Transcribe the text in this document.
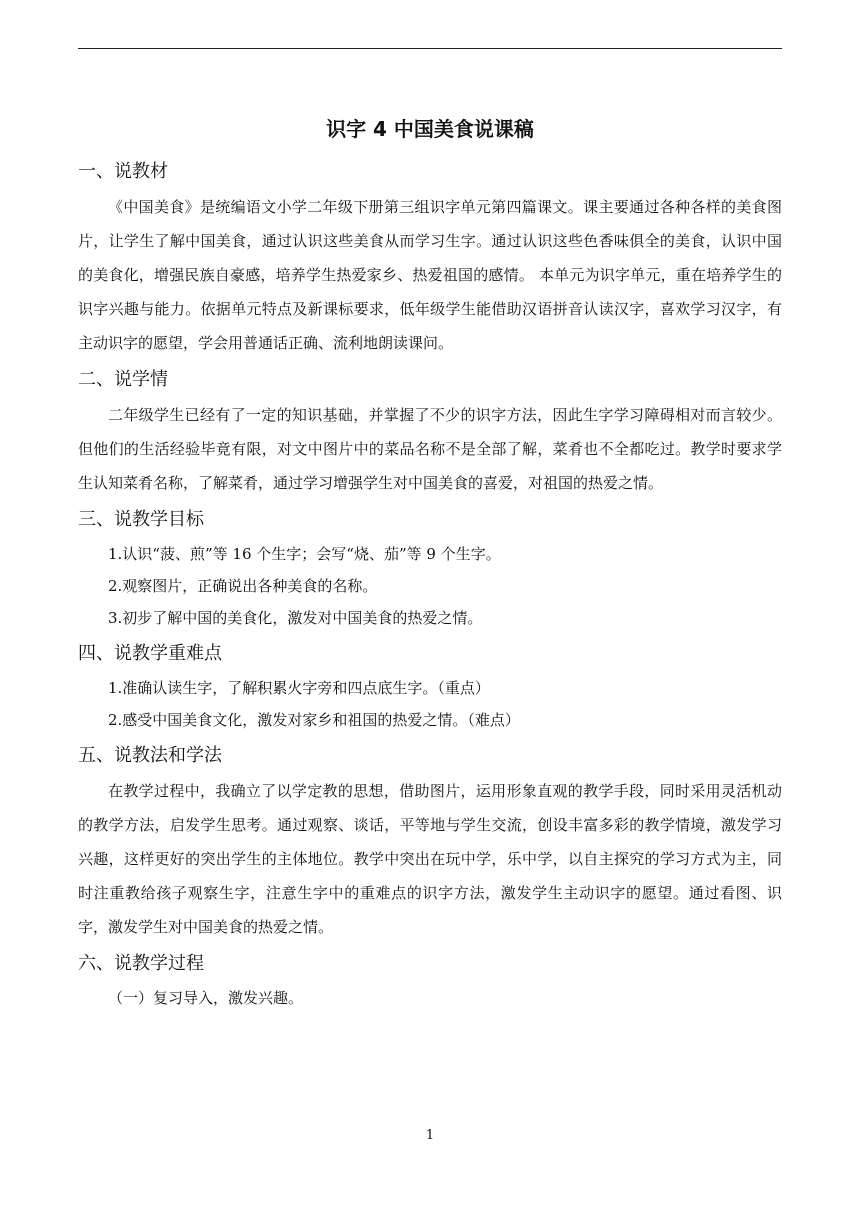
识字 4 中国美食说课稿
一、说教材

《中国美食》是统编语文小学二年级下册第三组识字单元第四篇课文。课主要通过各种各样的美食图片，让学生了解中国美食，通过认识这些美食从而学习生字。通过认识这些色香味俱全的美食，认识中国的美食化，增强民族自豪感，培养学生热爱家乡、热爱祖国的感情。 本单元为识字单元，重在培养学生的识字兴趣与能力。依据单元特点及新课标要求，低年级学生能借助汉语拼音认读汉字，喜欢学习汉字，有主动识字的愿望，学会用普通话正确、流利地朗读课问。

二、说学情

二年级学生已经有了一定的知识基础，并掌握了不少的识字方法，因此生字学习障碍相对而言较少。但他们的生活经验毕竟有限，对文中图片中的菜品名称不是全部了解，菜肴也不全都吃过。教学时要求学生认知菜肴名称，了解菜肴，通过学习增强学生对中国美食的喜爱，对祖国的热爱之情。

三、说教学目标

1.认识“菠、煎”等 16 个生字；会写“烧、茄”等 9 个生字。

2.观察图片，正确说出各种美食的名称。

3.初步了解中国的美食化，激发对中国美食的热爱之情。

四、说教学重难点

1.准确认读生字，了解积累火字旁和四点底生字。（重点）

2.感受中国美食文化，激发对家乡和祖国的热爱之情。（难点）

五、说教法和学法

在教学过程中，我确立了以学定教的思想，借助图片，运用形象直观的教学手段，同时采用灵活机动的教学方法，启发学生思考。通过观察、谈话，平等地与学生交流，创设丰富多彩的教学情境，激发学习兴趣，这样更好的突出学生的主体地位。教学中突出在玩中学，乐中学，以自主探究的学习方式为主，同时注重教给孩子观察生字，注意生字中的重难点的识字方法，激发学生主动识字的愿望。通过看图、识字，激发学生对中国美食的热爱之情。

六、说教学过程

（一）复习导入，激发兴趣。

1
